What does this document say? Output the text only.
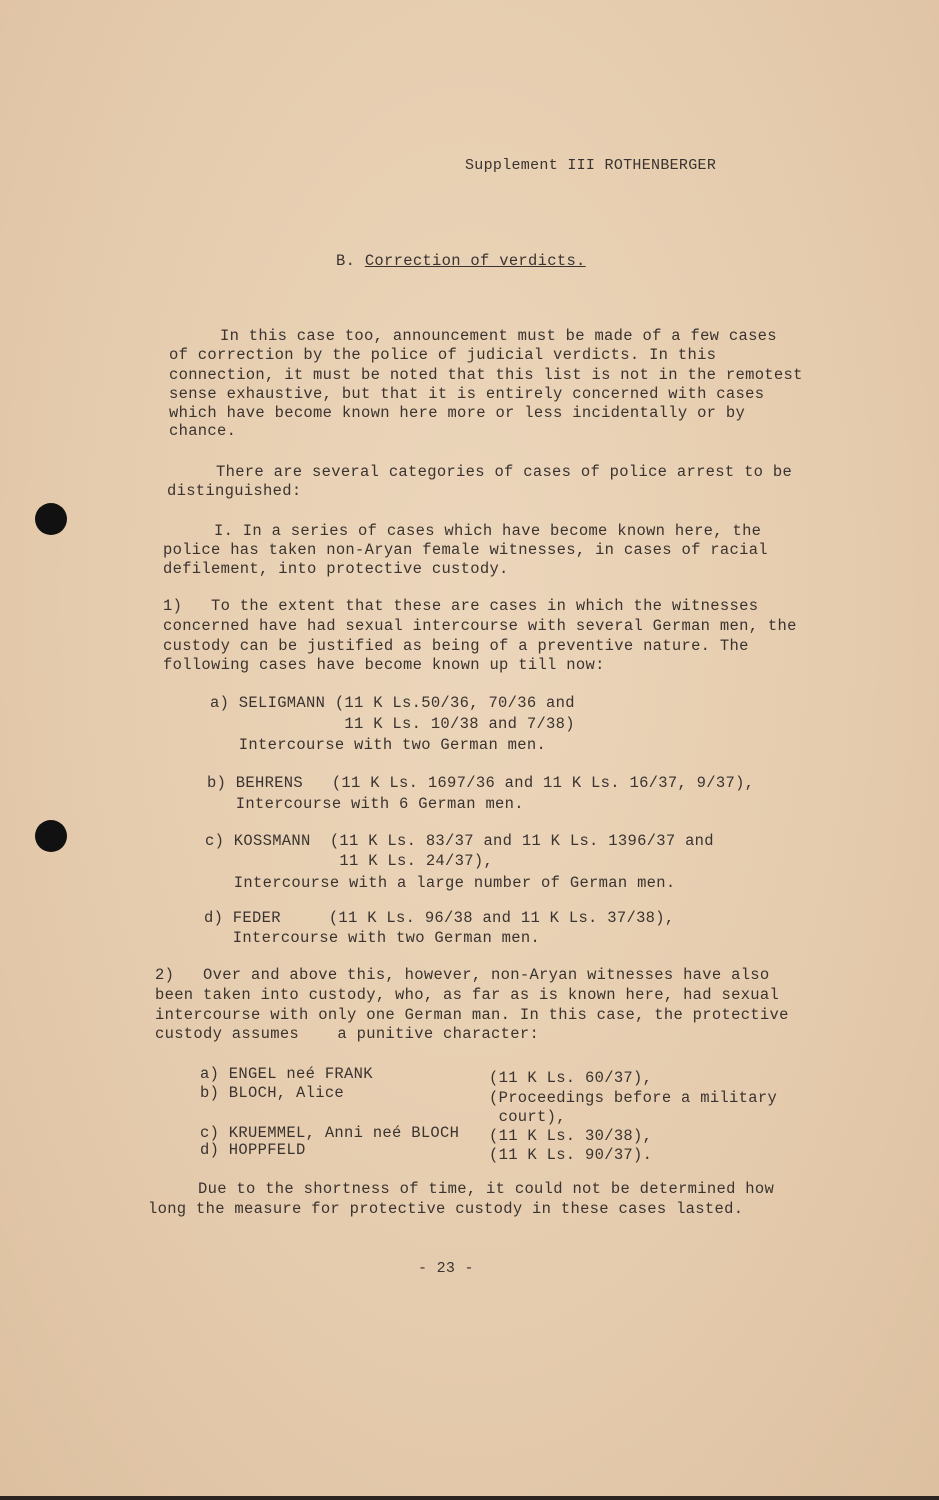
Supplement III ROTHENBERGER
B. Correction of verdicts.
In this case too, announcement must be made of a few cases
of correction by the police of judicial verdicts. In this
connection, it must be noted that this list is not in the remotest
sense exhaustive, but that it is entirely concerned with cases
which have become known here more or less incidentally or by
chance.
There are several categories of cases of police arrest to be
distinguished:
I. In a series of cases which have become known here, the
police has taken non-Aryan female witnesses, in cases of racial
defilement, into protective custody.
1)   To the extent that these are cases in which the witnesses
concerned have had sexual intercourse with several German men, the
custody can be justified as being of a preventive nature. The
following cases have become known up till now:
a) SELIGMANN (11 K Ls.50/36, 70/36 and
11 K Ls. 10/38 and 7/38)
Intercourse with two German men.
b) BEHRENS   (11 K Ls. 1697/36 and 11 K Ls. 16/37, 9/37),
Intercourse with 6 German men.
c) KOSSMANN  (11 K Ls. 83/37 and 11 K Ls. 1396/37 and
11 K Ls. 24/37),
Intercourse with a large number of German men.
d) FEDER     (11 K Ls. 96/38 and 11 K Ls. 37/38),
Intercourse with two German men.
2)   Over and above this, however, non-Aryan witnesses have also
been taken into custody, who, as far as is known here, had sexual
intercourse with only one German man. In this case, the protective
custody assumes    a punitive character:
a) ENGEL neé FRANK	(11 K Ls. 60/37),
b) BLOCH, Alice	(Proceedings before a military
court),
c) KRUEMMEL, Anni neé BLOCH (11 K Ls. 30/38),
d) HOPPFELD	(11 K Ls. 90/37).
Due to the shortness of time, it could not be determined how
long the measure for protective custody in these cases lasted.
- 23 -
